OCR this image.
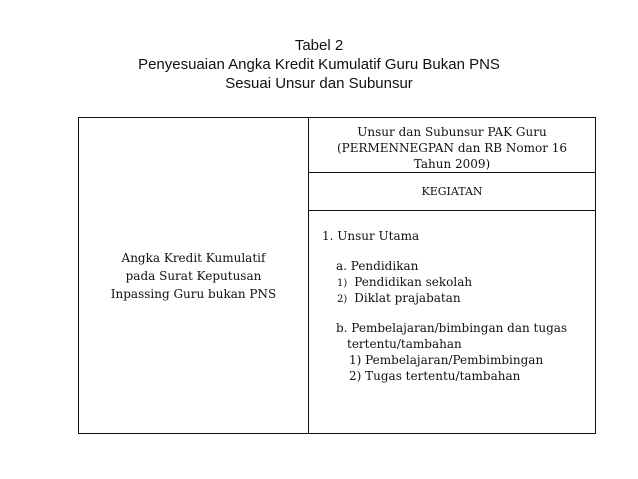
Tabel 2
Penyesuaian Angka Kredit Kumulatif Guru Bukan PNS
Sesuai Unsur dan Subunsur
Angka Kredit Kumulatif
pada Surat Keputusan
Inpassing Guru bukan PNS
Unsur dan Subunsur PAK Guru
(PERMENNEGPAN dan RB Nomor 16
Tahun 2009)
KEGIATAN
1. Unsur Utama
a. Pendidikan
1) Pendidikan sekolah
2) Diklat prajabatan
b. Pembelajaran/bimbingan dan tugas
tertentu/tambahan
1) Pembelajaran/Pembimbingan
2) Tugas tertentu/tambahan
